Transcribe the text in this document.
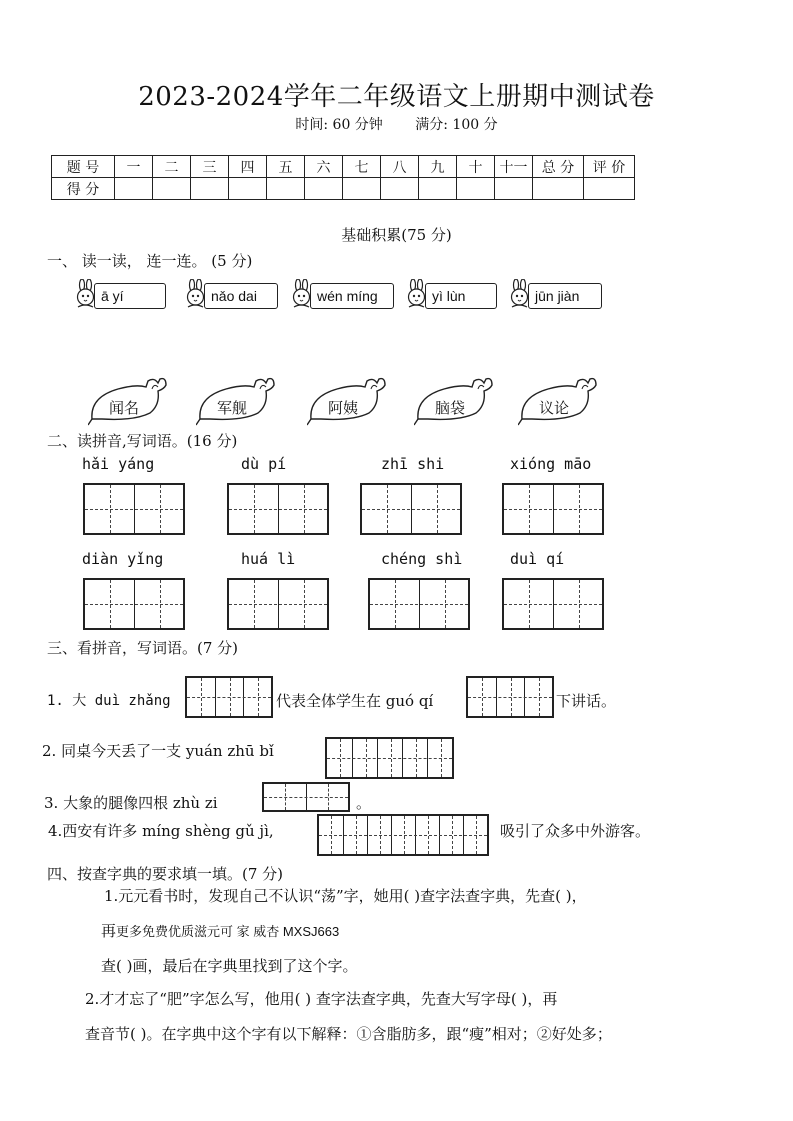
2023-2024学年二年级语文上册期中测试卷
时间: 60 分钟 满分: 100 分
题 号	一	二	三	四	五	六	七	八	九	十	十一	总 分	评 价
得 分													
基础积累(75 分)
一、 读一读， 连一连。 (5 分)
ā yí	nǎo dai	wén míng	yì lùn	jūn jiàn
闻名	军舰	阿姨	脑袋	议论
二、读拼音,写词语。(16 分)
hǎi yáng	dù pí	zhī shi	xióng māo
diàn yǐng	huá lì	chéng shì	duì qí
三、看拼音，写词语。(7 分)
1. 大 duì zhǎng	代表全体学生在 guó qí	下讲话。
2. 同桌今天丢了一支 yuán zhū bǐ
3. 大象的腿像四根 zhù zi	。
4.西安有许多 míng shèng gǔ jì,	吸引了众多中外游客。
四、按查字典的要求填一填。(7 分)
1.元元看书时，发现自己不认识“荡”字，她用( )查字法查字典，先查( )，
再更多免费优质滋元可 家 威杏 MXSJ663
查( )画，最后在字典里找到了这个字。
2.才才忘了“肥”字怎么写，他用( ) 查字法查字典，先查大写字母( )，再
查音节( )。在字典中这个字有以下解释：①含脂肪多，跟“瘦”相对；②好处多；
